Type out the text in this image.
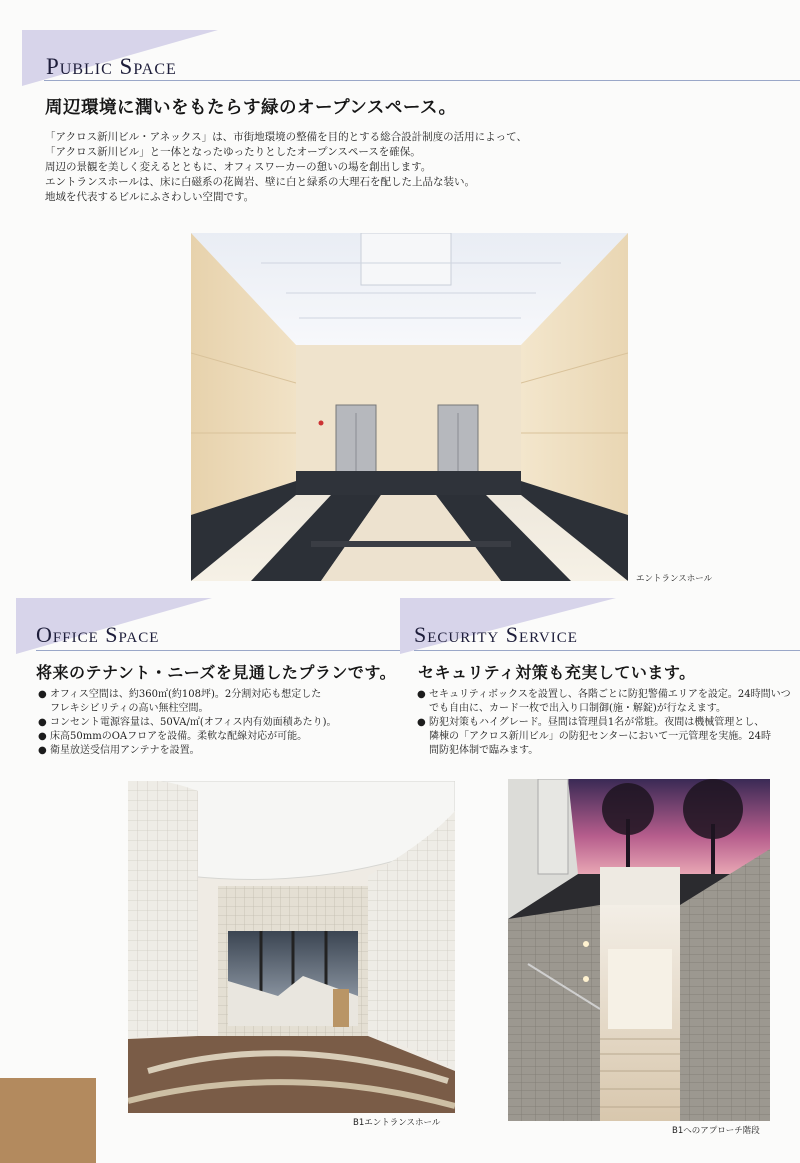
Public Space
周辺環境に潤いをもたらす緑のオープンスペース。
「アクロス新川ビル・アネックス」は、市街地環境の整備を目的とする総合設計制度の活用によって、
「アクロス新川ビル」と一体となったゆったりとしたオープンスペースを確保。
周辺の景観を美しく変えるとともに、オフィスワーカーの憩いの場を創出します。
エントランスホールは、床に白磁系の花崗岩、壁に白と緑系の大理石を配した上品な装い。
地域を代表するビルにふさわしい空間です。
エントランスホール
Office Space
将来のテナント・ニーズを見通したプランです。
● オフィス空間は、約360㎡(約108坪)。2分割対応も想定した
フレキシビリティの高い無柱空間。
● コンセント電源容量は、50VA/㎡(オフィス内有効面積あたり)。
● 床高50mmのOAフロアを設備。柔軟な配線対応が可能。
● 衛星放送受信用アンテナを設置。
B1エントランスホール
Security Service
セキュリティ対策も充実しています。
● セキュリティボックスを設置し、各階ごとに防犯警備エリアを設定。24時間いつ
でも自由に、カード一枚で出入り口制御(施・解錠)が行なえます。
● 防犯対策もハイグレード。昼間は管理員1名が常駐。夜間は機械管理とし、
隣棟の「アクロス新川ビル」の防犯センターにおいて一元管理を実施。24時
間防犯体制で臨みます。
B1へのアプローチ階段
